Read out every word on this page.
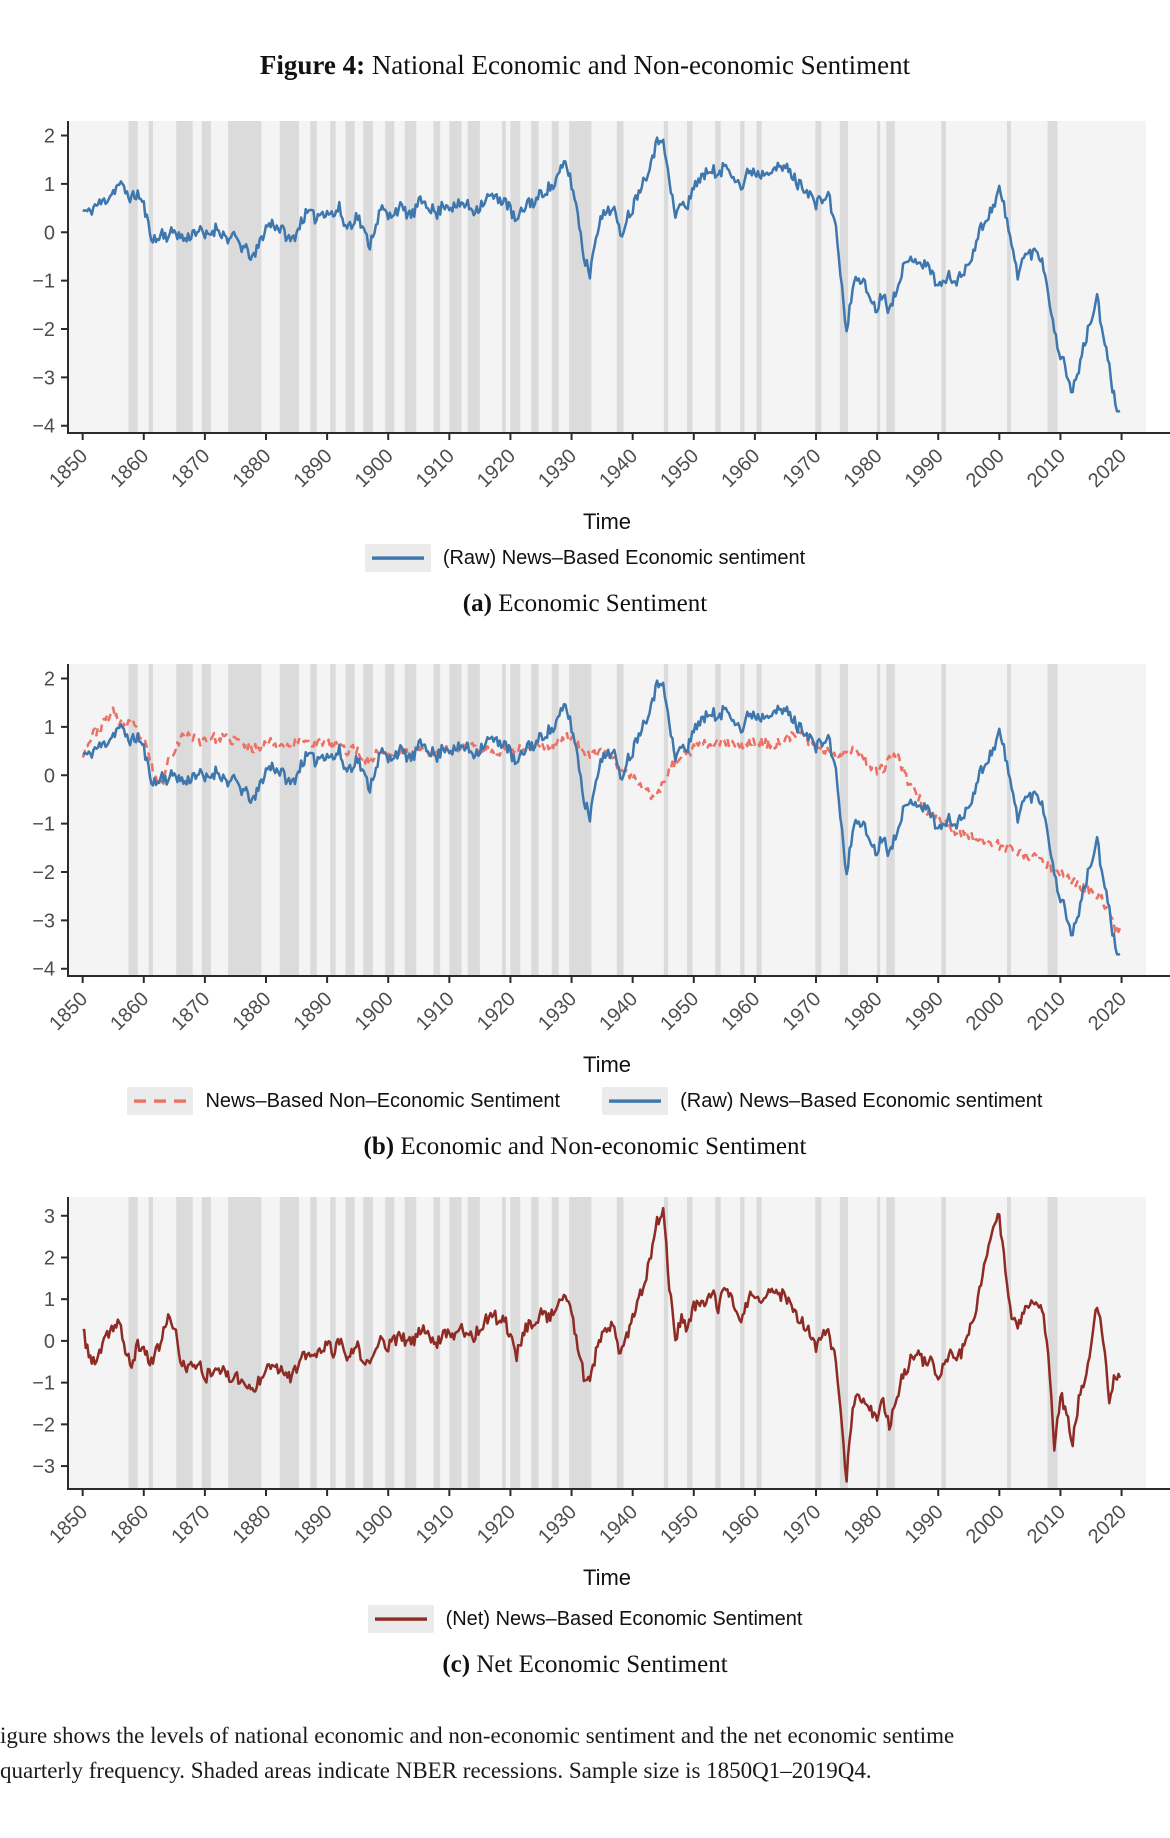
Figure 4: National Economic and Non-economic Sentiment
2
1
0
−1
−2
−3
−4
1850 1860 1870 1880 1890 1900 1910 1920 1930 1940 1950 1960 1970 1980 1990 2000 2010 2020
Time
(Raw) News–Based Economic sentiment
(a) Economic Sentiment
2
1
0
−1
−2
−3
−4
1850 1860 1870 1880 1890 1900 1910 1920 1930 1940 1950 1960 1970 1980 1990 2000 2010 2020
Time
News–Based Non–Economic Sentiment	(Raw) News–Based Economic sentiment
(b) Economic and Non-economic Sentiment
3
2
1
0
−1
−2
−3
1850 1860 1870 1880 1890 1900 1910 1920 1930 1940 1950 1960 1970 1980 1990 2000 2010 2020
Time
(Net) News–Based Economic Sentiment
(c) Net Economic Sentiment
igure shows the levels of national economic and non-economic sentiment and the net economic sentime
quarterly frequency. Shaded areas indicate NBER recessions. Sample size is 1850Q1–2019Q4.
